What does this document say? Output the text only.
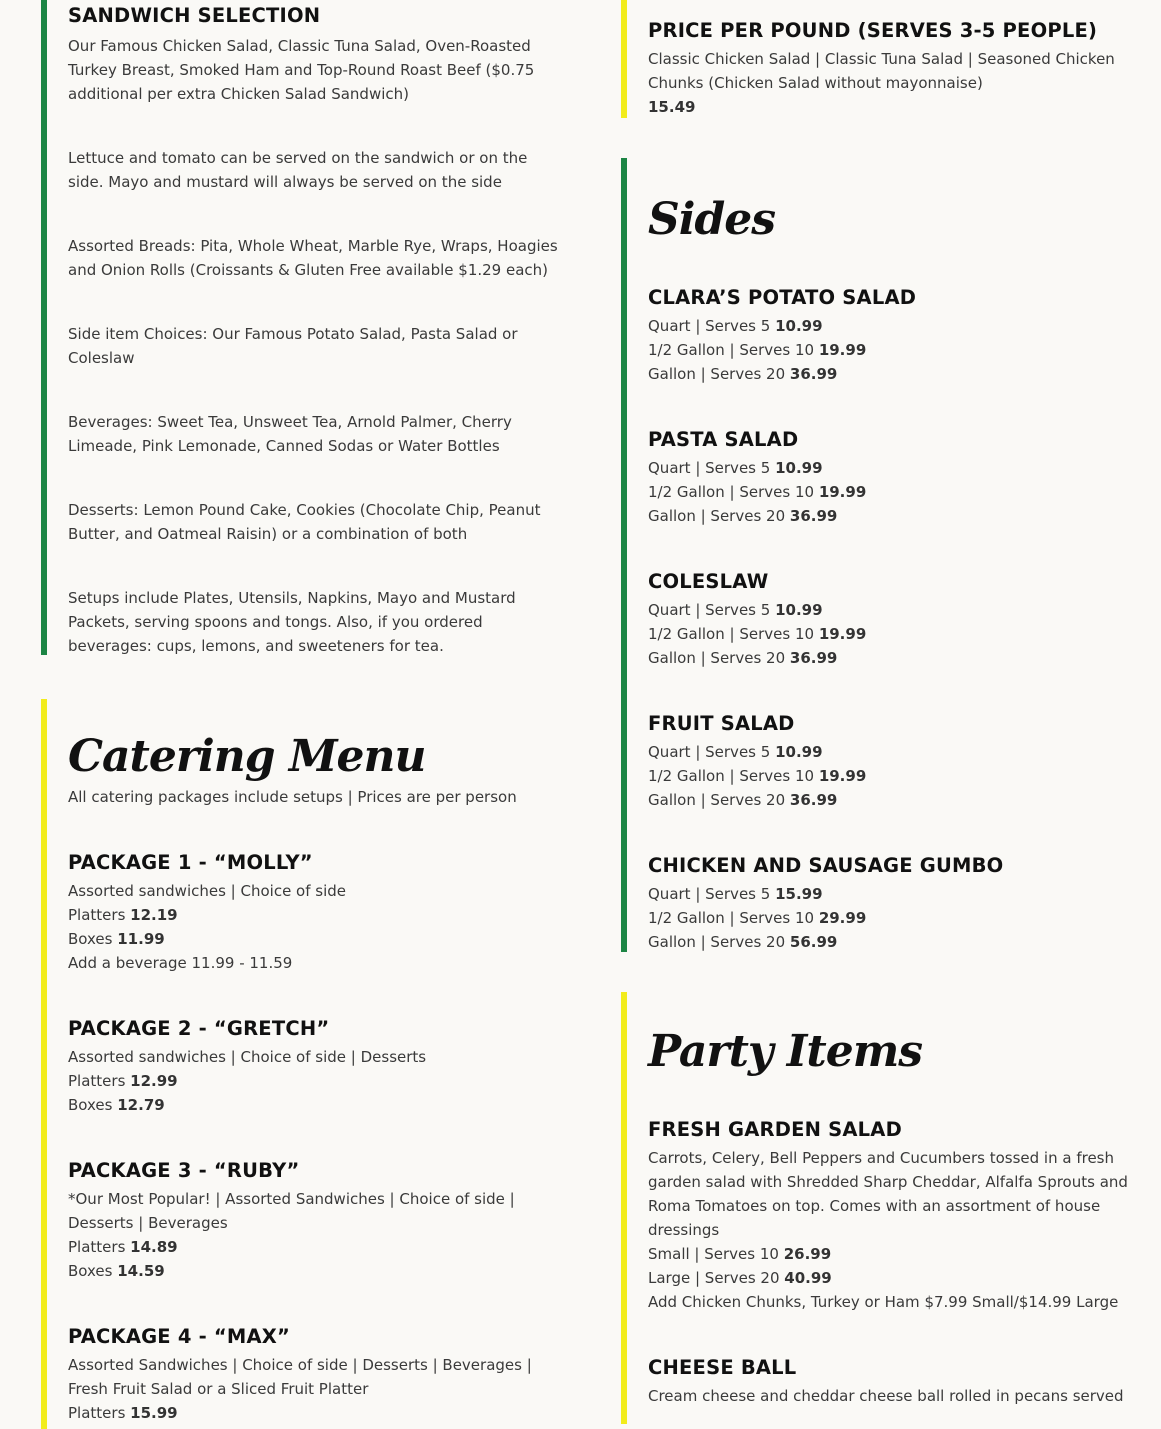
SANDWICH SELECTION

Our Famous Chicken Salad, Classic Tuna Salad, Oven-Roasted Turkey Breast, Smoked Ham and Top-Round Roast Beef ($0.75 additional per extra Chicken Salad Sandwich)

Lettuce and tomato can be served on the sandwich or on the side. Mayo and mustard will always be served on the side

Assorted Breads: Pita, Whole Wheat, Marble Rye, Wraps, Hoagies and Onion Rolls (Croissants & Gluten Free available $1.29 each)

Side item Choices: Our Famous Potato Salad, Pasta Salad or Coleslaw

Beverages: Sweet Tea, Unsweet Tea, Arnold Palmer, Cherry Limeade, Pink Lemonade, Canned Sodas or Water Bottles

Desserts: Lemon Pound Cake, Cookies (Chocolate Chip, Peanut Butter, and Oatmeal Raisin) or a combination of both

Setups include Plates, Utensils, Napkins, Mayo and Mustard Packets, serving spoons and tongs. Also, if you ordered beverages: cups, lemons, and sweeteners for tea.

Catering Menu

All catering packages include setups | Prices are per person

PACKAGE 1 - “MOLLY”

Assorted sandwiches | Choice of side

Platters 12.19

Boxes 11.99

Add a beverage 11.99 - 11.59

PACKAGE 2 - “GRETCH”

Assorted sandwiches | Choice of side | Desserts

Platters 12.99

Boxes 12.79

PACKAGE 3 - “RUBY”

*Our Most Popular! | Assorted Sandwiches | Choice of side | Desserts | Beverages

Platters 14.89

Boxes 14.59

PACKAGE 4 - “MAX”

Assorted Sandwiches | Choice of side | Desserts | Beverages | Fresh Fruit Salad or a Sliced Fruit Platter

Platters 15.99

PRICE PER POUND (SERVES 3-5 PEOPLE)

Classic Chicken Salad | Classic Tuna Salad | Seasoned Chicken Chunks (Chicken Salad without mayonnaise)

15.49

Sides
CLARA’S POTATO SALAD

Quart | Serves 5 10.99

1/2 Gallon | Serves 10 19.99

Gallon | Serves 20 36.99

PASTA SALAD

Quart | Serves 5 10.99

1/2 Gallon | Serves 10 19.99

Gallon | Serves 20 36.99

COLESLAW

Quart | Serves 5 10.99

1/2 Gallon | Serves 10 19.99

Gallon | Serves 20 36.99

FRUIT SALAD

Quart | Serves 5 10.99

1/2 Gallon | Serves 10 19.99

Gallon | Serves 20 36.99

CHICKEN AND SAUSAGE GUMBO

Quart | Serves 5 15.99

1/2 Gallon | Serves 10 29.99

Gallon | Serves 20 56.99

Party Items
FRESH GARDEN SALAD

Carrots, Celery, Bell Peppers and Cucumbers tossed in a fresh garden salad with Shredded Sharp Cheddar, Alfalfa Sprouts and Roma Tomatoes on top. Comes with an assortment of house dressings

Small | Serves 10 26.99

Large | Serves 20 40.99

Add Chicken Chunks, Turkey or Ham $7.99 Small/$14.99 Large

CHEESE BALL

Cream cheese and cheddar cheese ball rolled in pecans served
